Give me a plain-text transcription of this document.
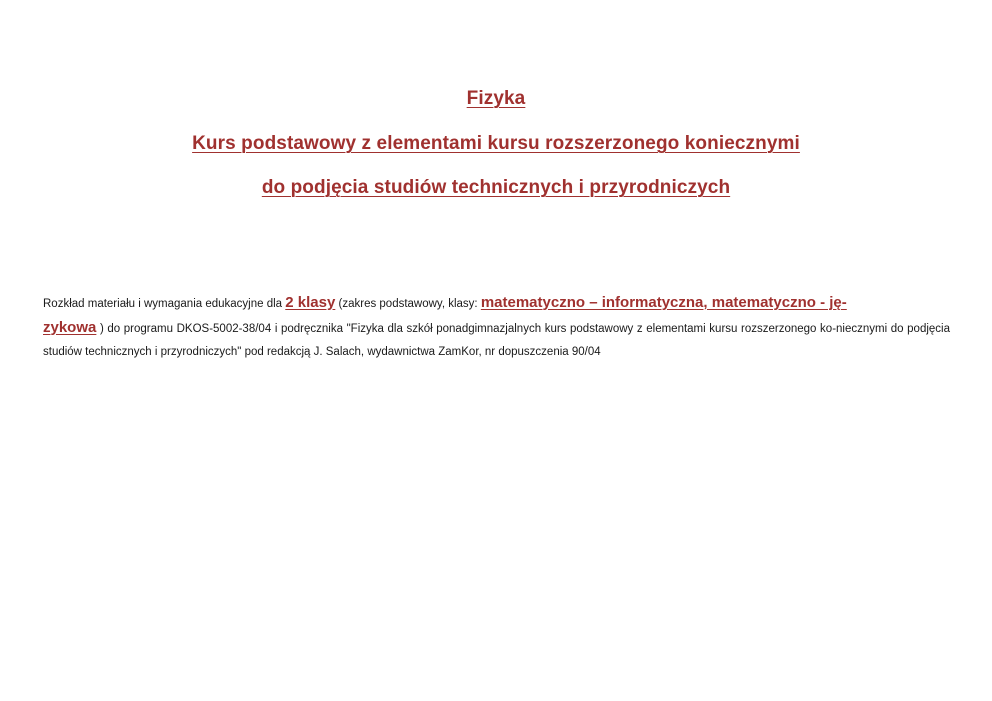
Fizyka
Kurs podstawowy z elementami kursu rozszerzonego koniecznymi
do podjęcia studiów technicznych i przyrodniczych

Rozkład materiału i wymagania edukacyjne dla 2 klasy (zakres podstawowy, klasy: matematyczno – informatyczna, matematyczno - ję-
zykowa ) do programu DKOS-5002-38/04 i podręcznika "Fizyka dla szkół ponadgimnazjalnych kurs podstawowy z elementami kursu rozszerzonego ko-niecznymi do podjęcia studiów technicznych i przyrodniczych" pod redakcją J. Salach, wydawnictwa ZamKor, nr dopuszczenia 90/04
